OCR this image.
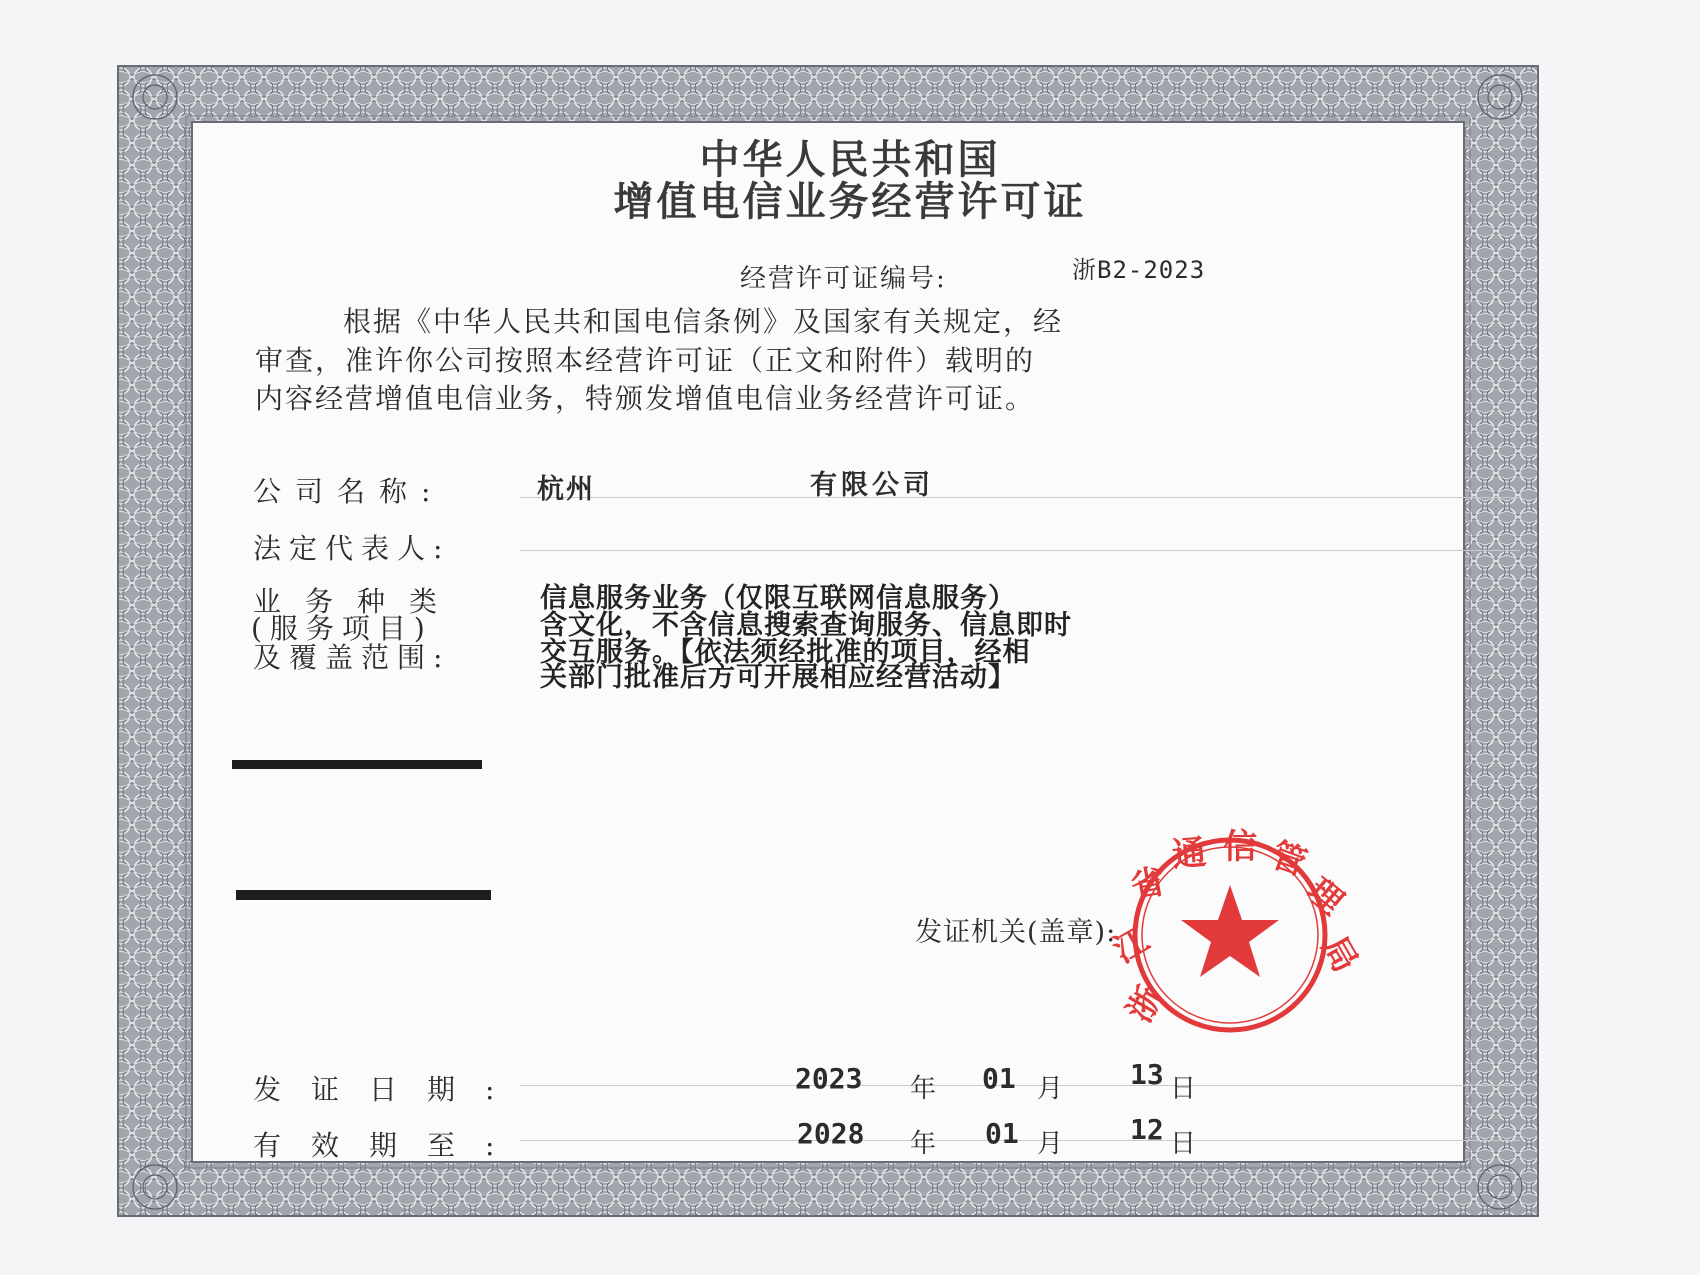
浙
江
省
通 信 管
理
局
中华人民共和国
增值电信业务经营许可证
经营许可证编号:	浙B2-2023
根据《中华人民共和国电信条例》及国家有关规定，经
审查，准许你公司按照本经营许可证（正文和附件）载明的
内容经营增值电信业务，特颁发增值电信业务经营许可证。
公司名称:	杭州	有限公司
法定代表人:
业务种类
(服务项目)
及覆盖范围:
信息服务业务（仅限互联网信息服务）
含文化，不含信息搜索查询服务、信息即时
交互服务。【依法须经批准的项目，经相
关部门批准后方可开展相应经营活动】
发证机关(盖章):
发证日期:	2023 年 01 月 13 日
有效期至:	2028 年 01 月 12 日
